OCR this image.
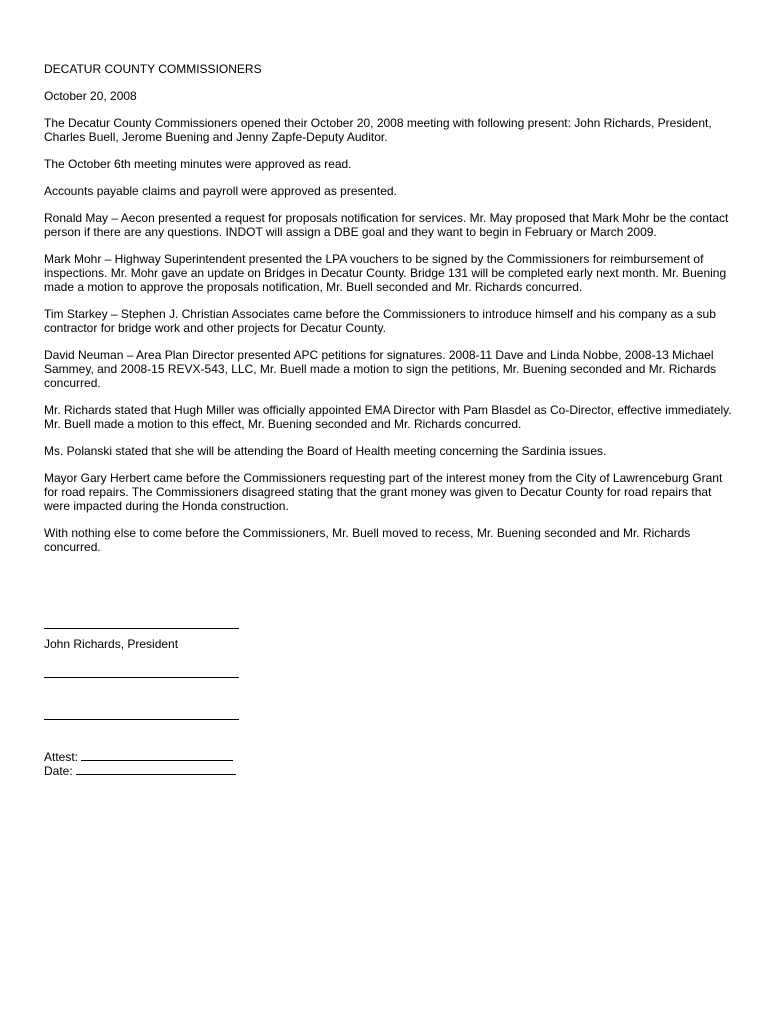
DECATUR COUNTY COMMISSIONERS

October 20, 2008

The Decatur County Commissioners opened their October 20, 2008 meeting with following present: John Richards, President, Charles Buell, Jerome Buening and Jenny Zapfe-Deputy Auditor.

The October 6th meeting minutes were approved as read.

Accounts payable claims and payroll were approved as presented.

Ronald May – Aecon presented a request for proposals notification for services. Mr. May proposed that Mark Mohr be the contact person if there are any questions. INDOT will assign a DBE goal and they want to begin in February or March 2009.

Mark Mohr – Highway Superintendent presented the LPA vouchers to be signed by the Commissioners for reimbursement of inspections. Mr. Mohr gave an update on Bridges in Decatur County. Bridge 131 will be completed early next month. Mr. Buening made a motion to approve the proposals notification, Mr. Buell seconded and Mr. Richards concurred.

Tim Starkey – Stephen J. Christian Associates came before the Commissioners to introduce himself and his company as a sub contractor for bridge work and other projects for Decatur County.

David Neuman – Area Plan Director presented APC petitions for signatures. 2008-11 Dave and Linda Nobbe, 2008-13 Michael Sammey, and 2008-15 REVX-543, LLC, Mr. Buell made a motion to sign the petitions, Mr. Buening seconded and Mr. Richards concurred.

Mr. Richards stated that Hugh Miller was officially appointed EMA Director with Pam Blasdel as Co-Director, effective immediately. Mr. Buell made a motion to this effect, Mr. Buening seconded and Mr. Richards concurred.

Ms. Polanski stated that she will be attending the Board of Health meeting concerning the Sardinia issues.

Mayor Gary Herbert came before the Commissioners requesting part of the interest money from the City of Lawrenceburg Grant for road repairs. The Commissioners disagreed stating that the grant money was given to Decatur County for road repairs that were impacted during the Honda construction.

With nothing else to come before the Commissioners, Mr. Buell moved to recess, Mr. Buening seconded and Mr. Richards concurred.

John Richards, President
Attest:
Date:
